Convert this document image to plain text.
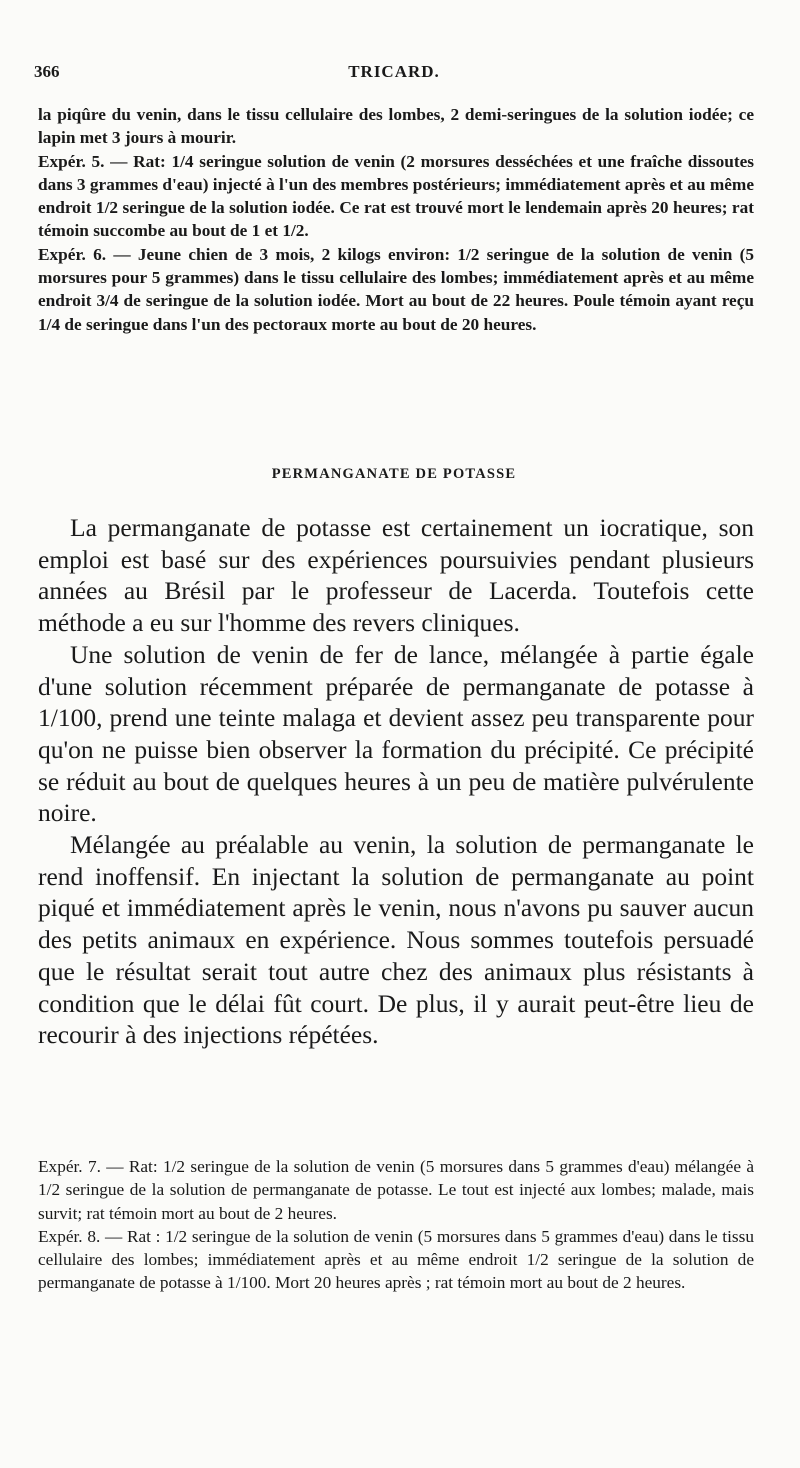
366	TRICARD.

la piqûre du venin, dans le tissu cellulaire des lombes, 2 demi-seringues de la solution iodée; ce lapin met 3 jours à mourir.

Expér. 5. — Rat: 1/4 seringue solution de venin (2 morsures desséchées et une fraîche dissoutes dans 3 grammes d'eau) injecté à l'un des membres postérieurs; immédiatement après et au même endroit 1/2 seringue de la solution iodée. Ce rat est trouvé mort le lendemain après 20 heures; rat témoin succombe au bout de 1 et 1/2.

Expér. 6. — Jeune chien de 3 mois, 2 kilogs environ: 1/2 seringue de la solution de venin (5 morsures pour 5 grammes) dans le tissu cellulaire des lombes; immédiatement après et au même endroit 3/4 de seringue de la solution iodée. Mort au bout de 22 heures. Poule témoin ayant reçu 1/4 de seringue dans l'un des pectoraux morte au bout de 20 heures.

PERMANGANATE DE POTASSE

La permanganate de potasse est certainement un iocratique, son emploi est basé sur des expériences poursuivies pendant plusieurs années au Brésil par le professeur de Lacerda. Toutefois cette méthode a eu sur l'homme des revers cliniques.

Une solution de venin de fer de lance, mélangée à partie égale d'une solution récemment préparée de permanganate de potasse à 1/100, prend une teinte malaga et devient assez peu transparente pour qu'on ne puisse bien observer la formation du précipité. Ce précipité se réduit au bout de quelques heures à un peu de matière pulvérulente noire.

Mélangée au préalable au venin, la solution de permanganate le rend inoffensif. En injectant la solution de permanganate au point piqué et immédiatement après le venin, nous n'avons pu sauver aucun des petits animaux en expérience. Nous sommes toutefois persuadé que le résultat serait tout autre chez des animaux plus résistants à condition que le délai fût court. De plus, il y aurait peut-être lieu de recourir à des injections répétées.

Expér. 7. — Rat: 1/2 seringue de la solution de venin (5 morsures dans 5 grammes d'eau) mélangée à 1/2 seringue de la solution de permanganate de potasse. Le tout est injecté aux lombes; malade, mais survit; rat témoin mort au bout de 2 heures.

Expér. 8. — Rat : 1/2 seringue de la solution de venin (5 morsures dans 5 grammes d'eau) dans le tissu cellulaire des lombes; immédiatement après et au même endroit 1/2 seringue de la solution de permanganate de potasse à 1/100. Mort 20 heures après ; rat témoin mort au bout de 2 heures.
